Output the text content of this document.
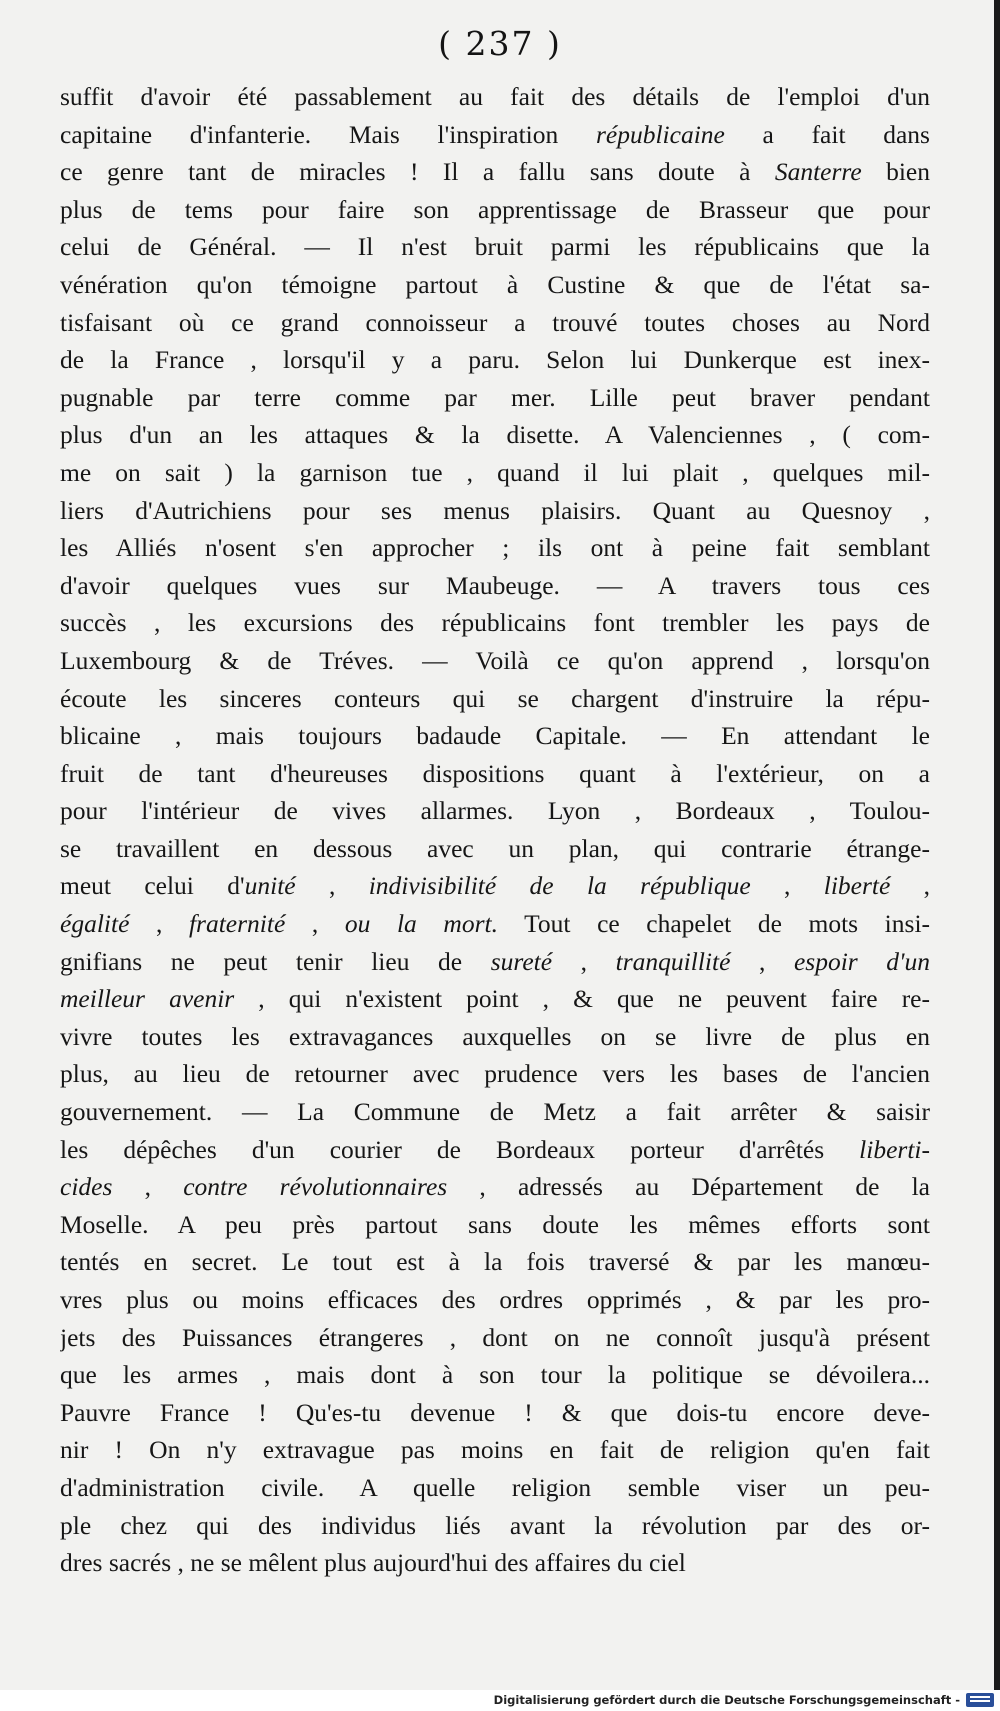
( 237 )
suffit d'avoir été passablement au fait des détails de l'emploi d'un
capitaine d'infanterie. Mais l'inspiration républicaine a fait dans
ce genre tant de miracles ! Il a fallu sans doute à Santerre bien
plus de tems pour faire son apprentissage de Brasseur que pour
celui de Général. — Il n'est bruit parmi les républicains que la
vénération qu'on témoigne partout à Custine & que de l'état sa-
tisfaisant où ce grand connoisseur a trouvé toutes choses au Nord
de la France , lorsqu'il y a paru. Selon lui Dunkerque est inex-
pugnable par terre comme par mer. Lille peut braver pendant
plus d'un an les attaques & la disette. A Valenciennes , ( com-
me on sait ) la garnison tue , quand il lui plait , quelques mil-
liers d'Autrichiens pour ses menus plaisirs. Quant au Quesnoy ,
les Alliés n'osent s'en approcher ; ils ont à peine fait semblant
d'avoir quelques vues sur Maubeuge. — A travers tous ces
succès , les excursions des républicains font trembler les pays de
Luxembourg & de Tréves. — Voilà ce qu'on apprend , lorsqu'on
écoute les sinceres conteurs qui se chargent d'instruire la répu-
blicaine , mais toujours badaude Capitale. — En attendant le
fruit de tant d'heureuses dispositions quant à l'extérieur, on a
pour l'intérieur de vives allarmes. Lyon , Bordeaux , Toulou-
se travaillent en dessous avec un plan, qui contrarie étrange-
meut celui d'unité , indivisibilité de la république , liberté ,
égalité , fraternité , ou la mort. Tout ce chapelet de mots insi-
gnifians ne peut tenir lieu de sureté , tranquillité , espoir d'un
meilleur avenir , qui n'existent point , & que ne peuvent faire re-
vivre toutes les extravagances auxquelles on se livre de plus en
plus, au lieu de retourner avec prudence vers les bases de l'ancien
gouvernement. — La Commune de Metz a fait arrêter & saisir
les dépêches d'un courier de Bordeaux porteur d'arrêtés liberti-
cides , contre révolutionnaires , adressés au Département de la
Moselle. A peu près partout sans doute les mêmes efforts sont
tentés en secret. Le tout est à la fois traversé & par les manœu-
vres plus ou moins efficaces des ordres opprimés , & par les pro-
jets des Puissances étrangeres , dont on ne connoît jusqu'à présent
que les armes , mais dont à son tour la politique se dévoilera...
Pauvre France ! Qu'es-tu devenue ! & que dois-tu encore deve-
nir ! On n'y extravague pas moins en fait de religion qu'en fait
d'administration civile. A quelle religion semble viser un peu-
ple chez qui des individus liés avant la révolution par des or-
dres sacrés , ne se mêlent plus aujourd'hui des affaires du ciel
Digitalisierung gefördert durch die Deutsche Forschungsgemeinschaft -
